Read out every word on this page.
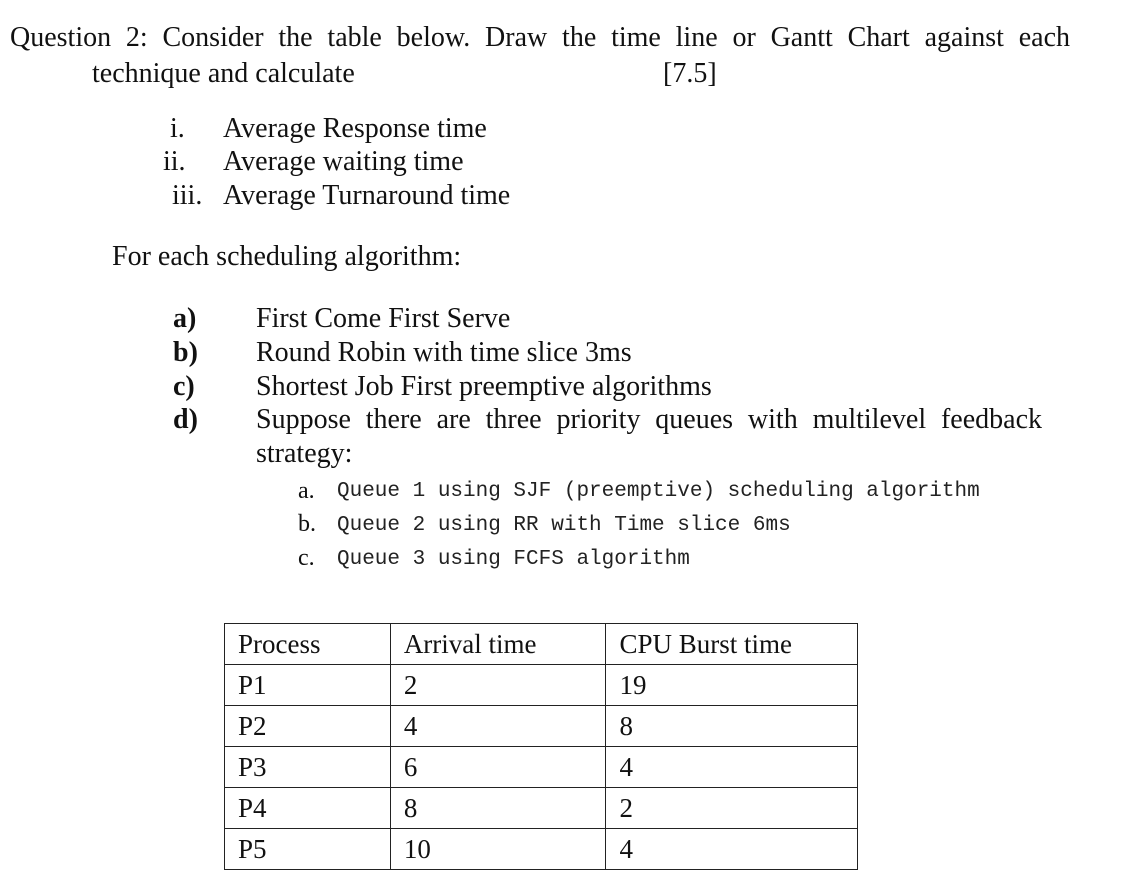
Question 2: Consider the table below. Draw the time line or Gantt Chart against each
technique and calculate	[7.5]
i. Average Response time
ii. Average waiting time
iii. Average Turnaround time
For each scheduling algorithm:
a) First Come First Serve
b) Round Robin with time slice 3ms
c) Shortest Job First preemptive algorithms
d) Suppose there are three priority queues with multilevel feedback
strategy:
a. Queue 1 using SJF (preemptive) scheduling algorithm
b. Queue 2 using RR with Time slice 6ms
c. Queue 3 using FCFS algorithm
Process	Arrival time	CPU Burst time
P1	2	19
P2	4	8
P3	6	4
P4	8	2
P5	10	4
